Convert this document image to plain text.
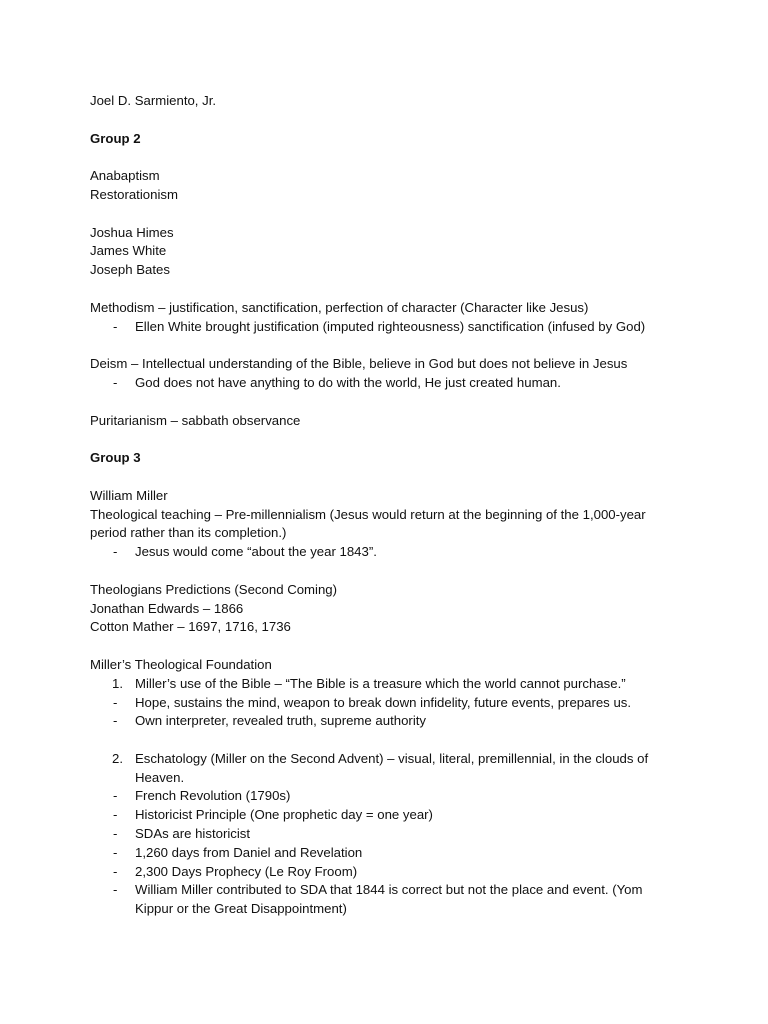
Joel D. Sarmiento, Jr.

Group 2

Anabaptism

Restorationism

Joshua Himes

James White

Joseph Bates

Methodism – justification, sanctification, perfection of character (Character like Jesus)

- Ellen White brought justification (imputed righteousness) sanctification (infused by God)

Deism – Intellectual understanding of the Bible, believe in God but does not believe in Jesus

- God does not have anything to do with the world, He just created human.

Puritarianism – sabbath observance

Group 3

William Miller

Theological teaching – Pre-millennialism (Jesus would return at the beginning of the 1,000-year

period rather than its completion.)

- Jesus would come “about the year 1843”.

Theologians Predictions (Second Coming)

Jonathan Edwards – 1866

Cotton Mather – 1697, 1716, 1736

Miller’s Theological Foundation

1. Miller’s use of the Bible – “The Bible is a treasure which the world cannot purchase.”

- Hope, sustains the mind, weapon to break down infidelity, future events, prepares us.

- Own interpreter, revealed truth, supreme authority

2. Eschatology (Miller on the Second Advent) – visual, literal, premillennial, in the clouds of

Heaven.

- French Revolution (1790s)

- Historicist Principle (One prophetic day = one year)

- SDAs are historicist

- 1,260 days from Daniel and Revelation

- 2,300 Days Prophecy (Le Roy Froom)

- William Miller contributed to SDA that 1844 is correct but not the place and event. (Yom

Kippur or the Great Disappointment)
